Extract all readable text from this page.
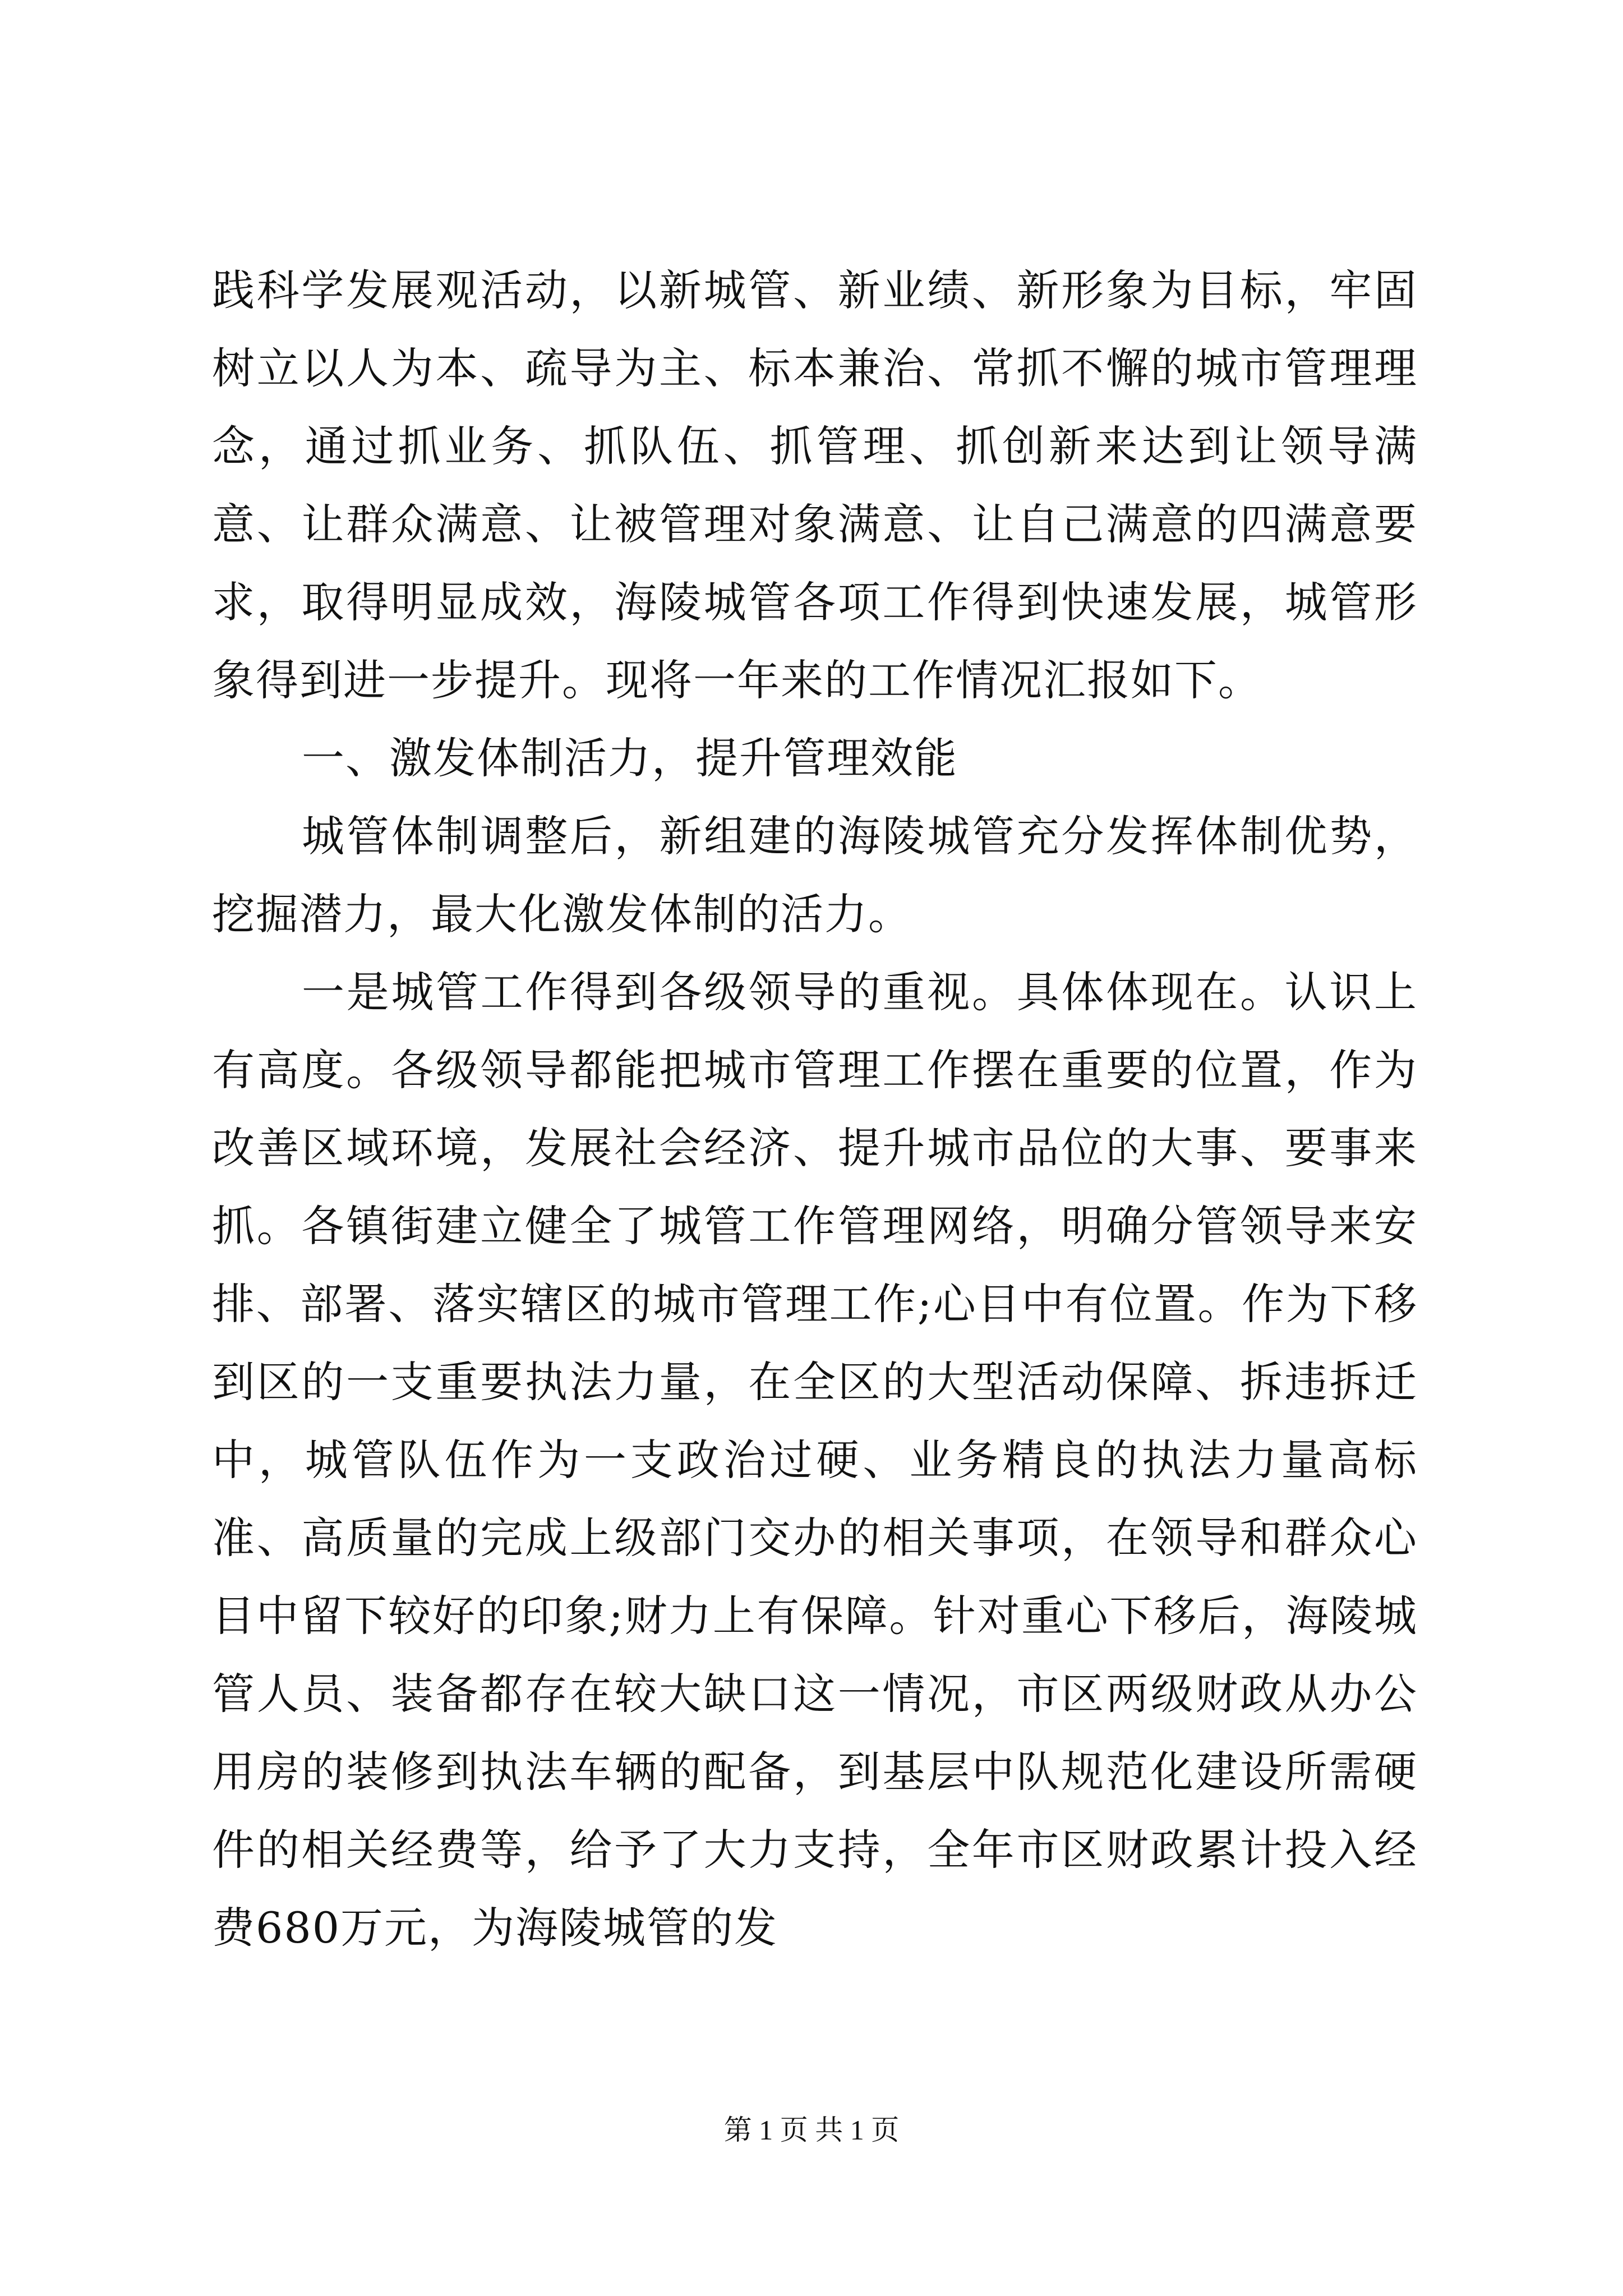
践科学发展观活动，以新城管、新业绩、新形象为目标，牢固树立以人为本、疏导为主、标本兼治、常抓不懈的城市管理理念，通过抓业务、抓队伍、抓管理、抓创新来达到让领导满意、让群众满意、让被管理对象满意、让自己满意的四满意要求，取得明显成效，海陵城管各项工作得到快速发展，城管形象得到进一步提升。现将一年来的工作情况汇报如下。

一、激发体制活力，提升管理效能

城管体制调整后，新组建的海陵城管充分发挥体制优势，挖掘潜力，最大化激发体制的活力。

一是城管工作得到各级领导的重视。具体体现在。认识上有高度。各级领导都能把城市管理工作摆在重要的位置，作为改善区域环境，发展社会经济、提升城市品位的大事、要事来抓。各镇街建立健全了城管工作管理网络，明确分管领导来安排、部署、落实辖区的城市管理工作;心目中有位置。作为下移到区的一支重要执法力量，在全区的大型活动保障、拆违拆迁中，城管队伍作为一支政治过硬、业务精良的执法力量高标准、高质量的完成上级部门交办的相关事项，在领导和群众心目中留下较好的印象;财力上有保障。针对重心下移后，海陵城管人员、装备都存在较大缺口这一情况，市区两级财政从办公用房的装修到执法车辆的配备，到基层中队规范化建设所需硬件的相关经费等，给予了大力支持，全年市区财政累计投入经费680万元，为海陵城管的发

第 1 页 共 1 页
